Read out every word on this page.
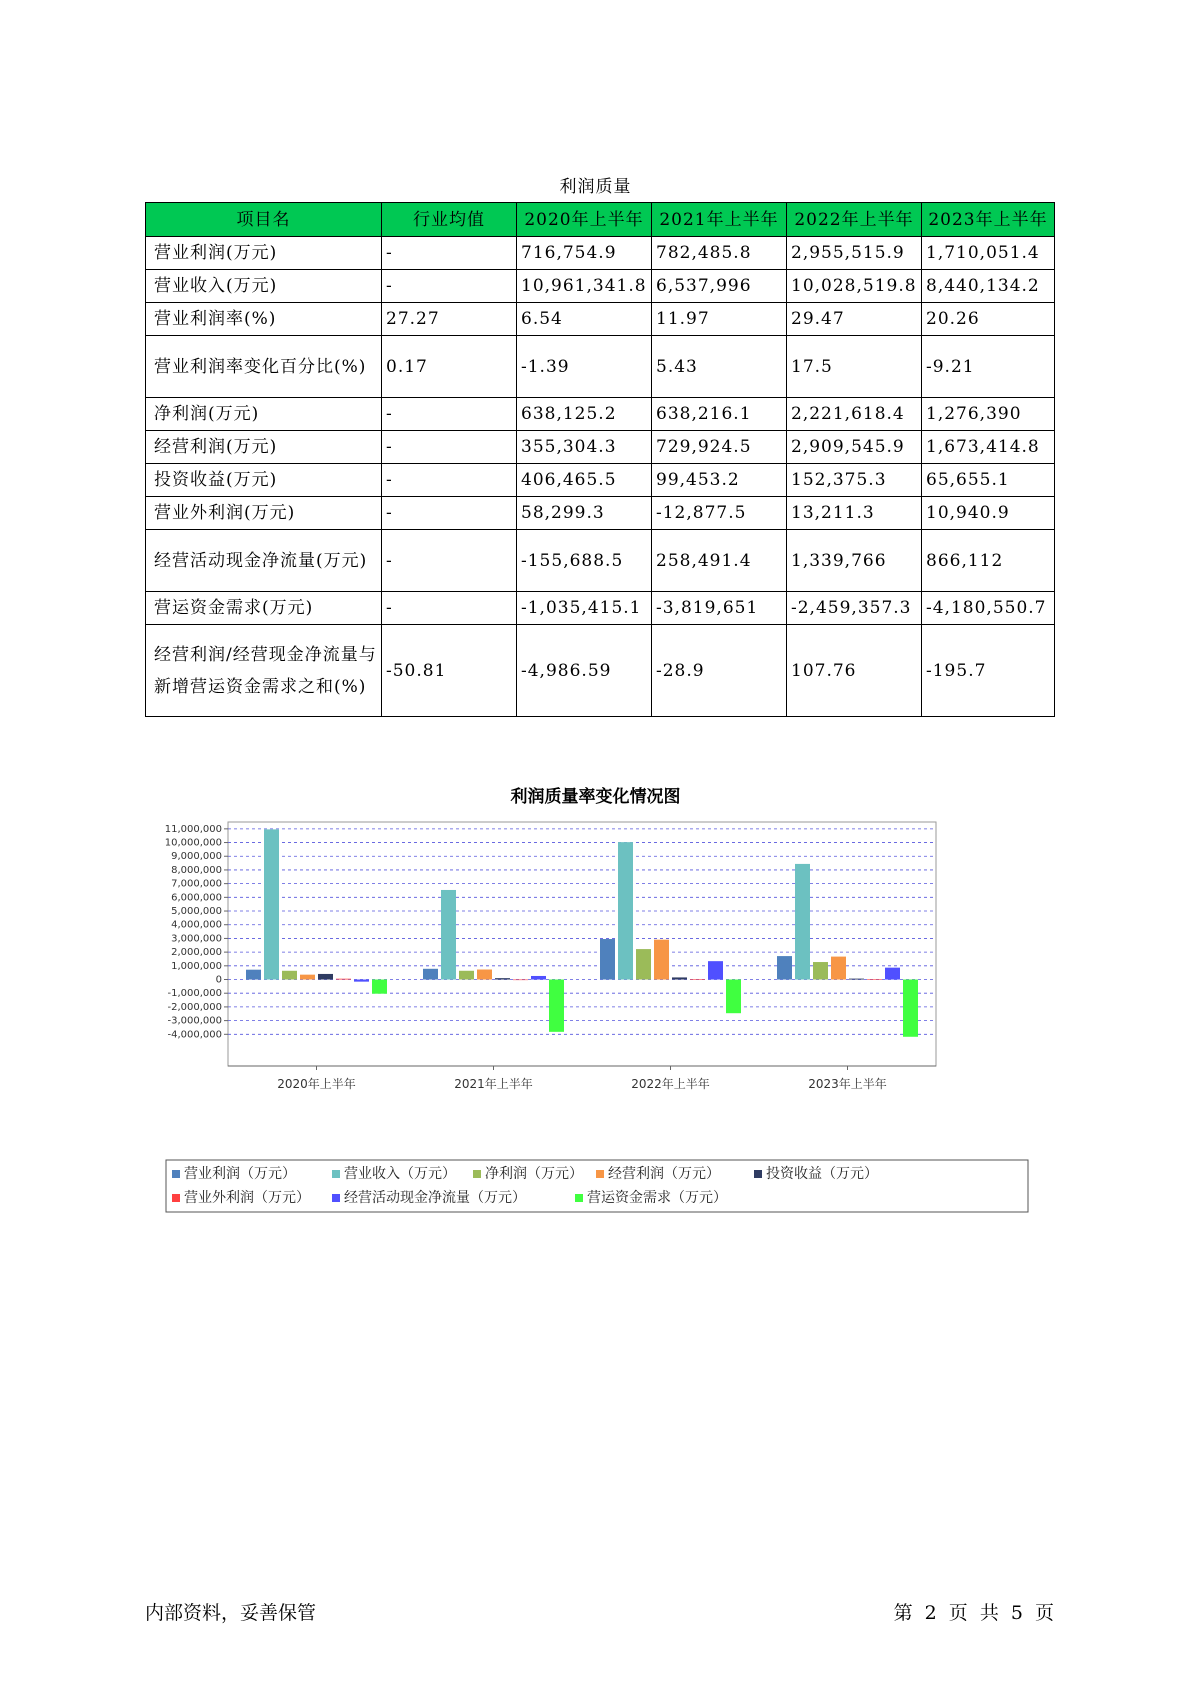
利润质量
项目名	行业均值	2020年上半年	2021年上半年	2022年上半年	2023年上半年
营业利润(万元)	-	716,754.9	782,485.8	2,955,515.9	1,710,051.4
营业收入(万元)	-	10,961,341.8	6,537,996	10,028,519.8	8,440,134.2
营业利润率(%)	27.27	6.54	11.97	29.47	20.26
营业利润率变化百分比(%)	0.17	-1.39	5.43	17.5	-9.21
净利润(万元)	-	638,125.2	638,216.1	2,221,618.4	1,276,390
经营利润(万元)	-	355,304.3	729,924.5	2,909,545.9	1,673,414.8
投资收益(万元)	-	406,465.5	99,453.2	152,375.3	65,655.1
营业外利润(万元)	-	58,299.3	-12,877.5	13,211.3	10,940.9
经营活动现金净流量(万元)	-	-155,688.5	258,491.4	1,339,766	866,112
营运资金需求(万元)	-	-1,035,415.1	-3,819,651	-2,459,357.3	-4,180,550.7
经营利润/经营现金净流量与新增营运资金需求之和(%)	-50.81	-4,986.59	-28.9	107.76	-195.7
利润质量率变化情况图
11,000,000
10,000,000
9,000,000
8,000,000
7,000,000
6,000,000
5,000,000
4,000,000
3,000,000
2,000,000
1,000,000
0
-1,000,000
-2,000,000
-3,000,000
-4,000,000
2020年上半年	2021年上半年	2022年上半年	2023年上半年
营业利润（万元）	营业收入（万元） 净利润（万元） 经营利润（万元）	投资收益（万元）
营业外利润（万元） 经营活动现金净流量（万元）	营运资金需求（万元）
内部资料，妥善保管	第 2 页 共 5 页
